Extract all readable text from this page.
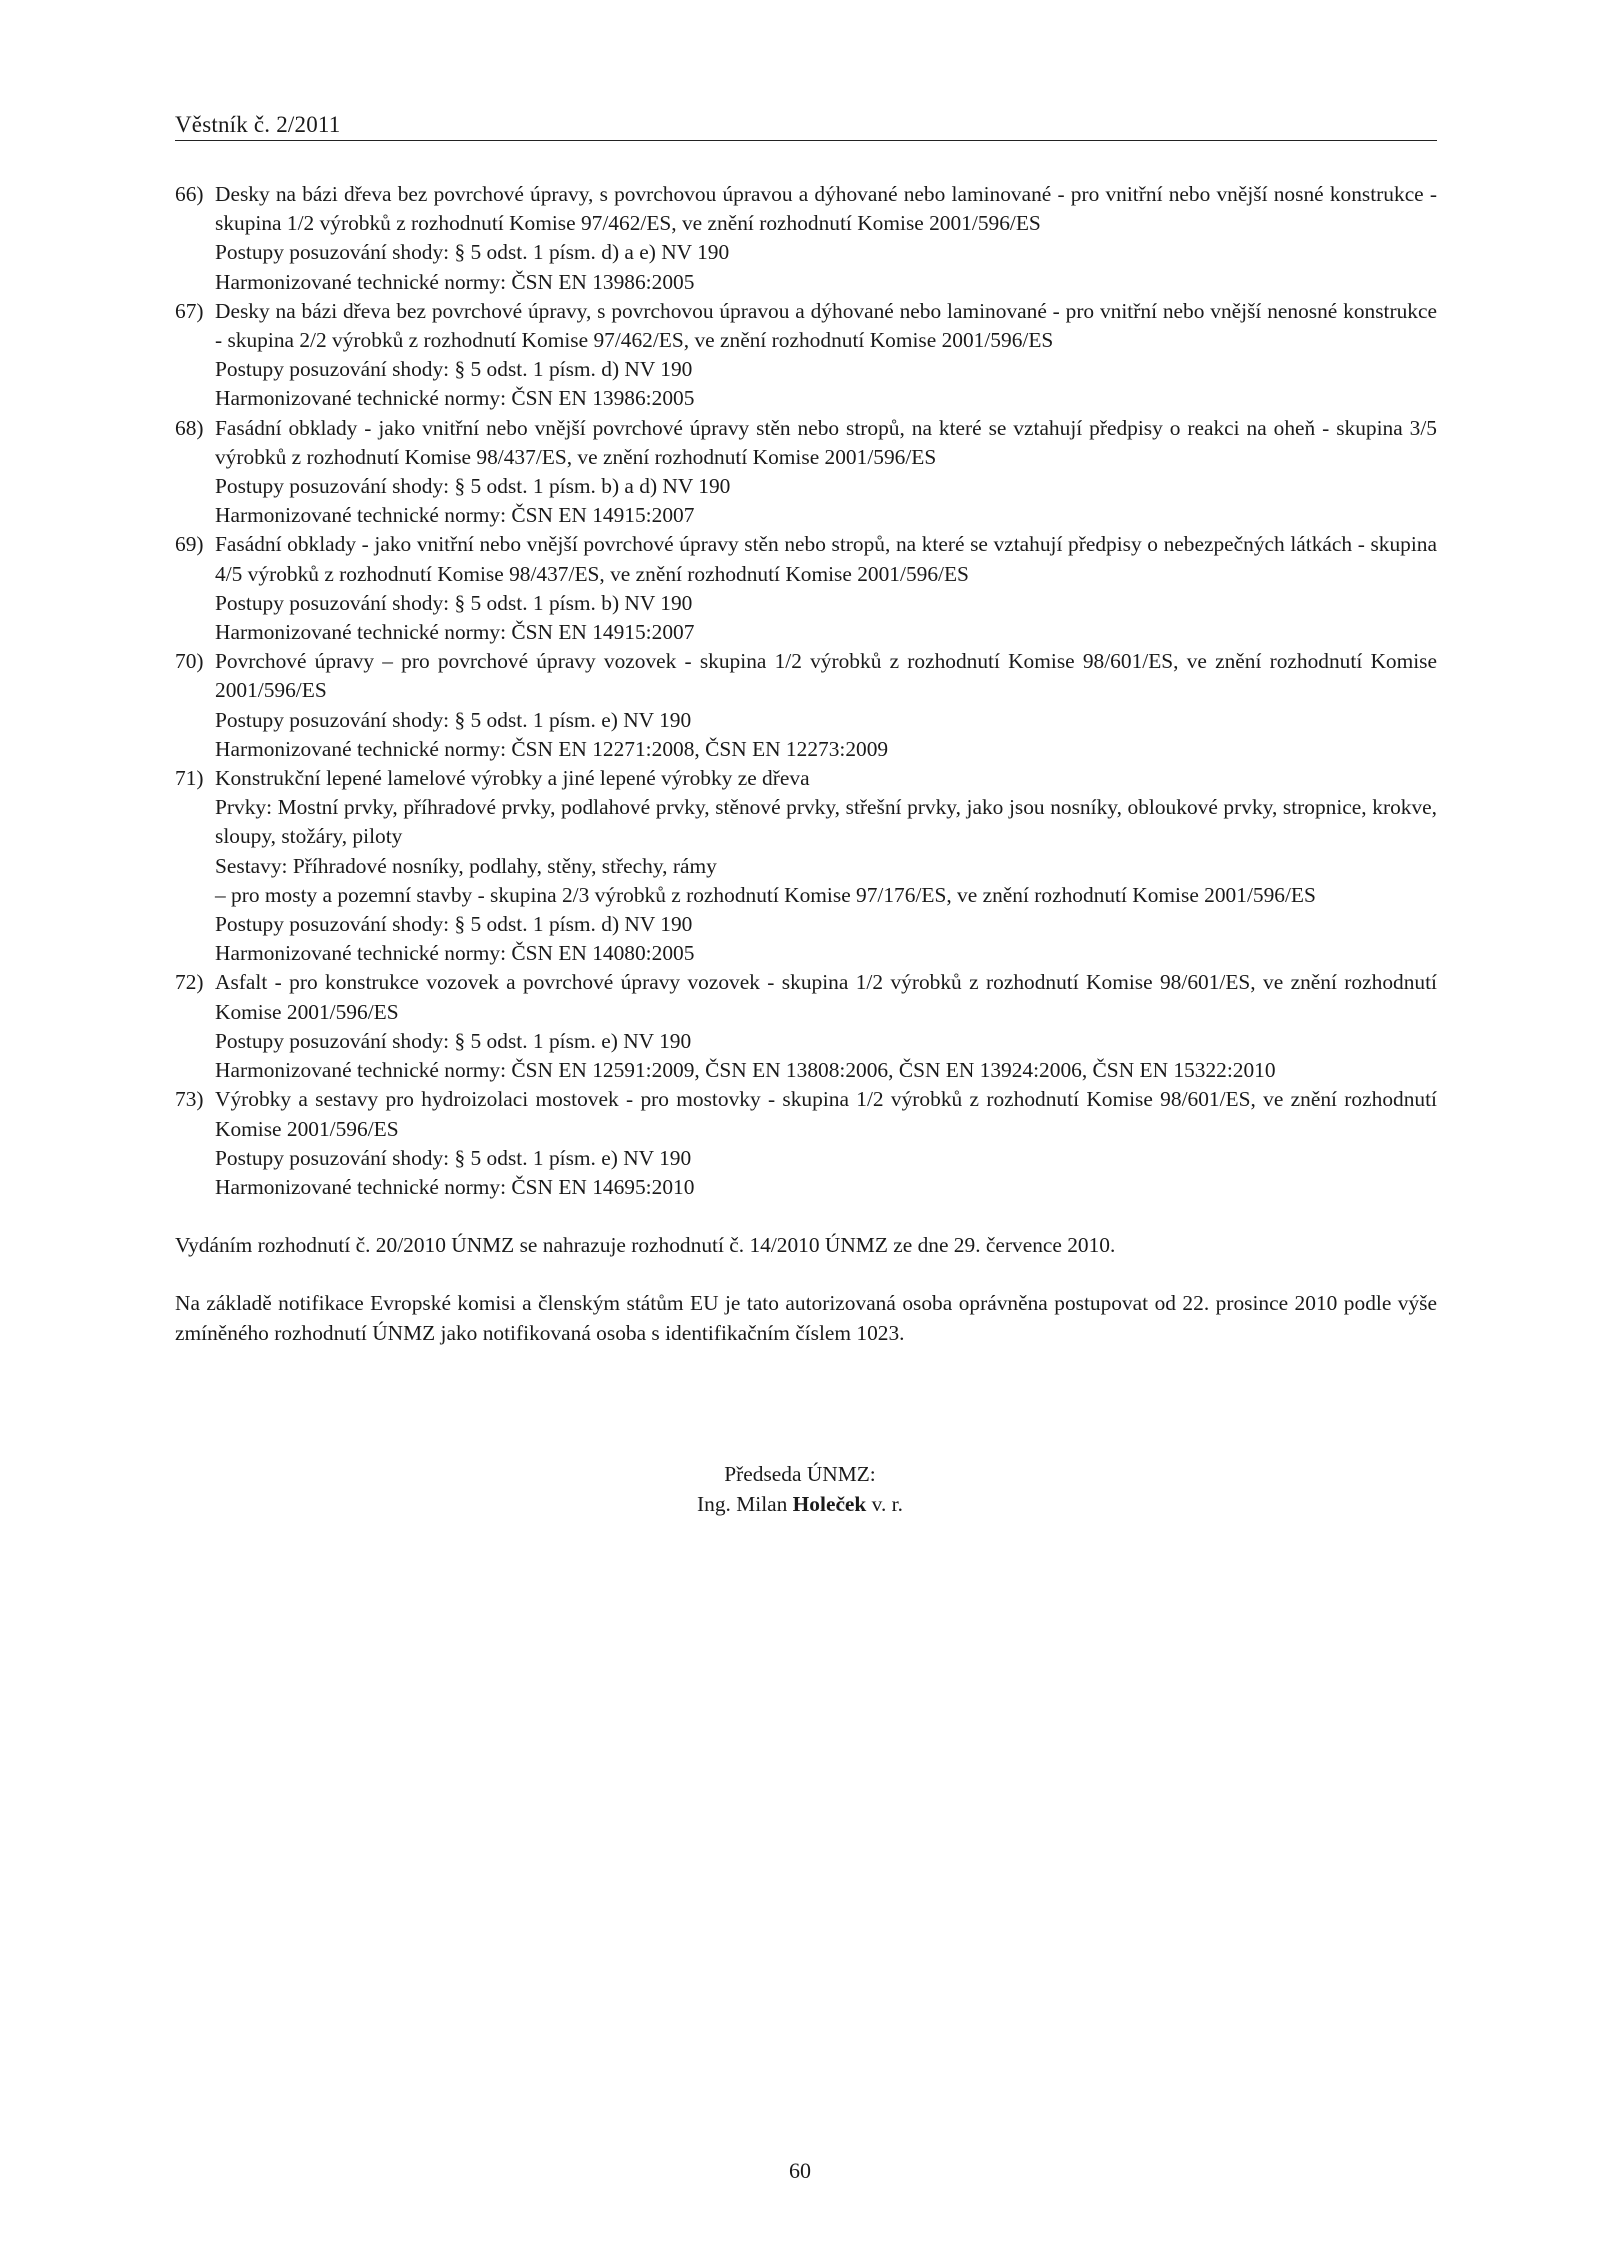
Věstník č. 2/2011
66) Desky na bázi dřeva bez povrchové úpravy, s povrchovou úpravou a dýhované nebo laminované - pro vnitřní nebo vnější nosné konstrukce - skupina 1/2 výrobků z rozhodnutí Komise 97/462/ES, ve znění rozhodnutí Komise 2001/596/ES
Postupy posuzování shody: § 5 odst. 1 písm. d) a e) NV 190
Harmonizované technické normy: ČSN EN 13986:2005
67) Desky na bázi dřeva bez povrchové úpravy, s povrchovou úpravou a dýhované nebo laminované - pro vnitřní nebo vnější nenosné konstrukce - skupina 2/2 výrobků z rozhodnutí Komise 97/462/ES, ve znění rozhodnutí Komise 2001/596/ES
Postupy posuzování shody: § 5 odst. 1 písm. d) NV 190
Harmonizované technické normy: ČSN EN 13986:2005
68) Fasádní obklady - jako vnitřní nebo vnější povrchové úpravy stěn nebo stropů, na které se vztahují předpisy o reakci na oheň - skupina 3/5 výrobků z rozhodnutí Komise 98/437/ES, ve znění rozhodnutí Komise 2001/596/ES
Postupy posuzování shody: § 5 odst. 1 písm. b) a d) NV 190
Harmonizované technické normy: ČSN EN 14915:2007
69) Fasádní obklady - jako vnitřní nebo vnější povrchové úpravy stěn nebo stropů, na které se vztahují předpisy o nebezpečných látkách - skupina 4/5 výrobků z rozhodnutí Komise 98/437/ES, ve znění rozhodnutí Komise 2001/596/ES
Postupy posuzování shody: § 5 odst. 1 písm. b) NV 190
Harmonizované technické normy: ČSN EN 14915:2007
70) Povrchové úpravy – pro povrchové úpravy vozovek - skupina 1/2 výrobků z rozhodnutí Komise 98/601/ES, ve znění rozhodnutí Komise 2001/596/ES
Postupy posuzování shody: § 5 odst. 1 písm. e) NV 190
Harmonizované technické normy: ČSN EN 12271:2008, ČSN EN 12273:2009
71) Konstrukční lepené lamelové výrobky a jiné lepené výrobky ze dřeva
Prvky: Mostní prvky, příhradové prvky, podlahové prvky, stěnové prvky, střešní prvky, jako jsou nosníky, obloukové prvky, stropnice, krokve, sloupy, stožáry, piloty
Sestavy: Příhradové nosníky, podlahy, stěny, střechy, rámy
– pro mosty a pozemní stavby - skupina 2/3 výrobků z rozhodnutí Komise 97/176/ES, ve znění rozhodnutí Komise 2001/596/ES
Postupy posuzování shody: § 5 odst. 1 písm. d) NV 190
Harmonizované technické normy: ČSN EN 14080:2005
72) Asfalt - pro konstrukce vozovek a povrchové úpravy vozovek - skupina 1/2 výrobků z rozhodnutí Komise 98/601/ES, ve znění rozhodnutí Komise 2001/596/ES
Postupy posuzování shody: § 5 odst. 1 písm. e) NV 190
Harmonizované technické normy: ČSN EN 12591:2009, ČSN EN 13808:2006, ČSN EN 13924:2006, ČSN EN 15322:2010
73) Výrobky a sestavy pro hydroizolaci mostovek - pro mostovky - skupina 1/2 výrobků z rozhodnutí Komise 98/601/ES, ve znění rozhodnutí Komise 2001/596/ES
Postupy posuzování shody: § 5 odst. 1 písm. e) NV 190
Harmonizované technické normy: ČSN EN 14695:2010
Vydáním rozhodnutí č. 20/2010 ÚNMZ se nahrazuje rozhodnutí č. 14/2010 ÚNMZ ze dne 29. července 2010.
Na základě notifikace Evropské komisi a členským státům EU je tato autorizovaná osoba oprávněna postupovat od 22. prosince 2010 podle výše zmíněného rozhodnutí ÚNMZ jako notifikovaná osoba s identifikačním číslem 1023.
Předseda ÚNMZ:
Ing. Milan Holeček v. r.
60
